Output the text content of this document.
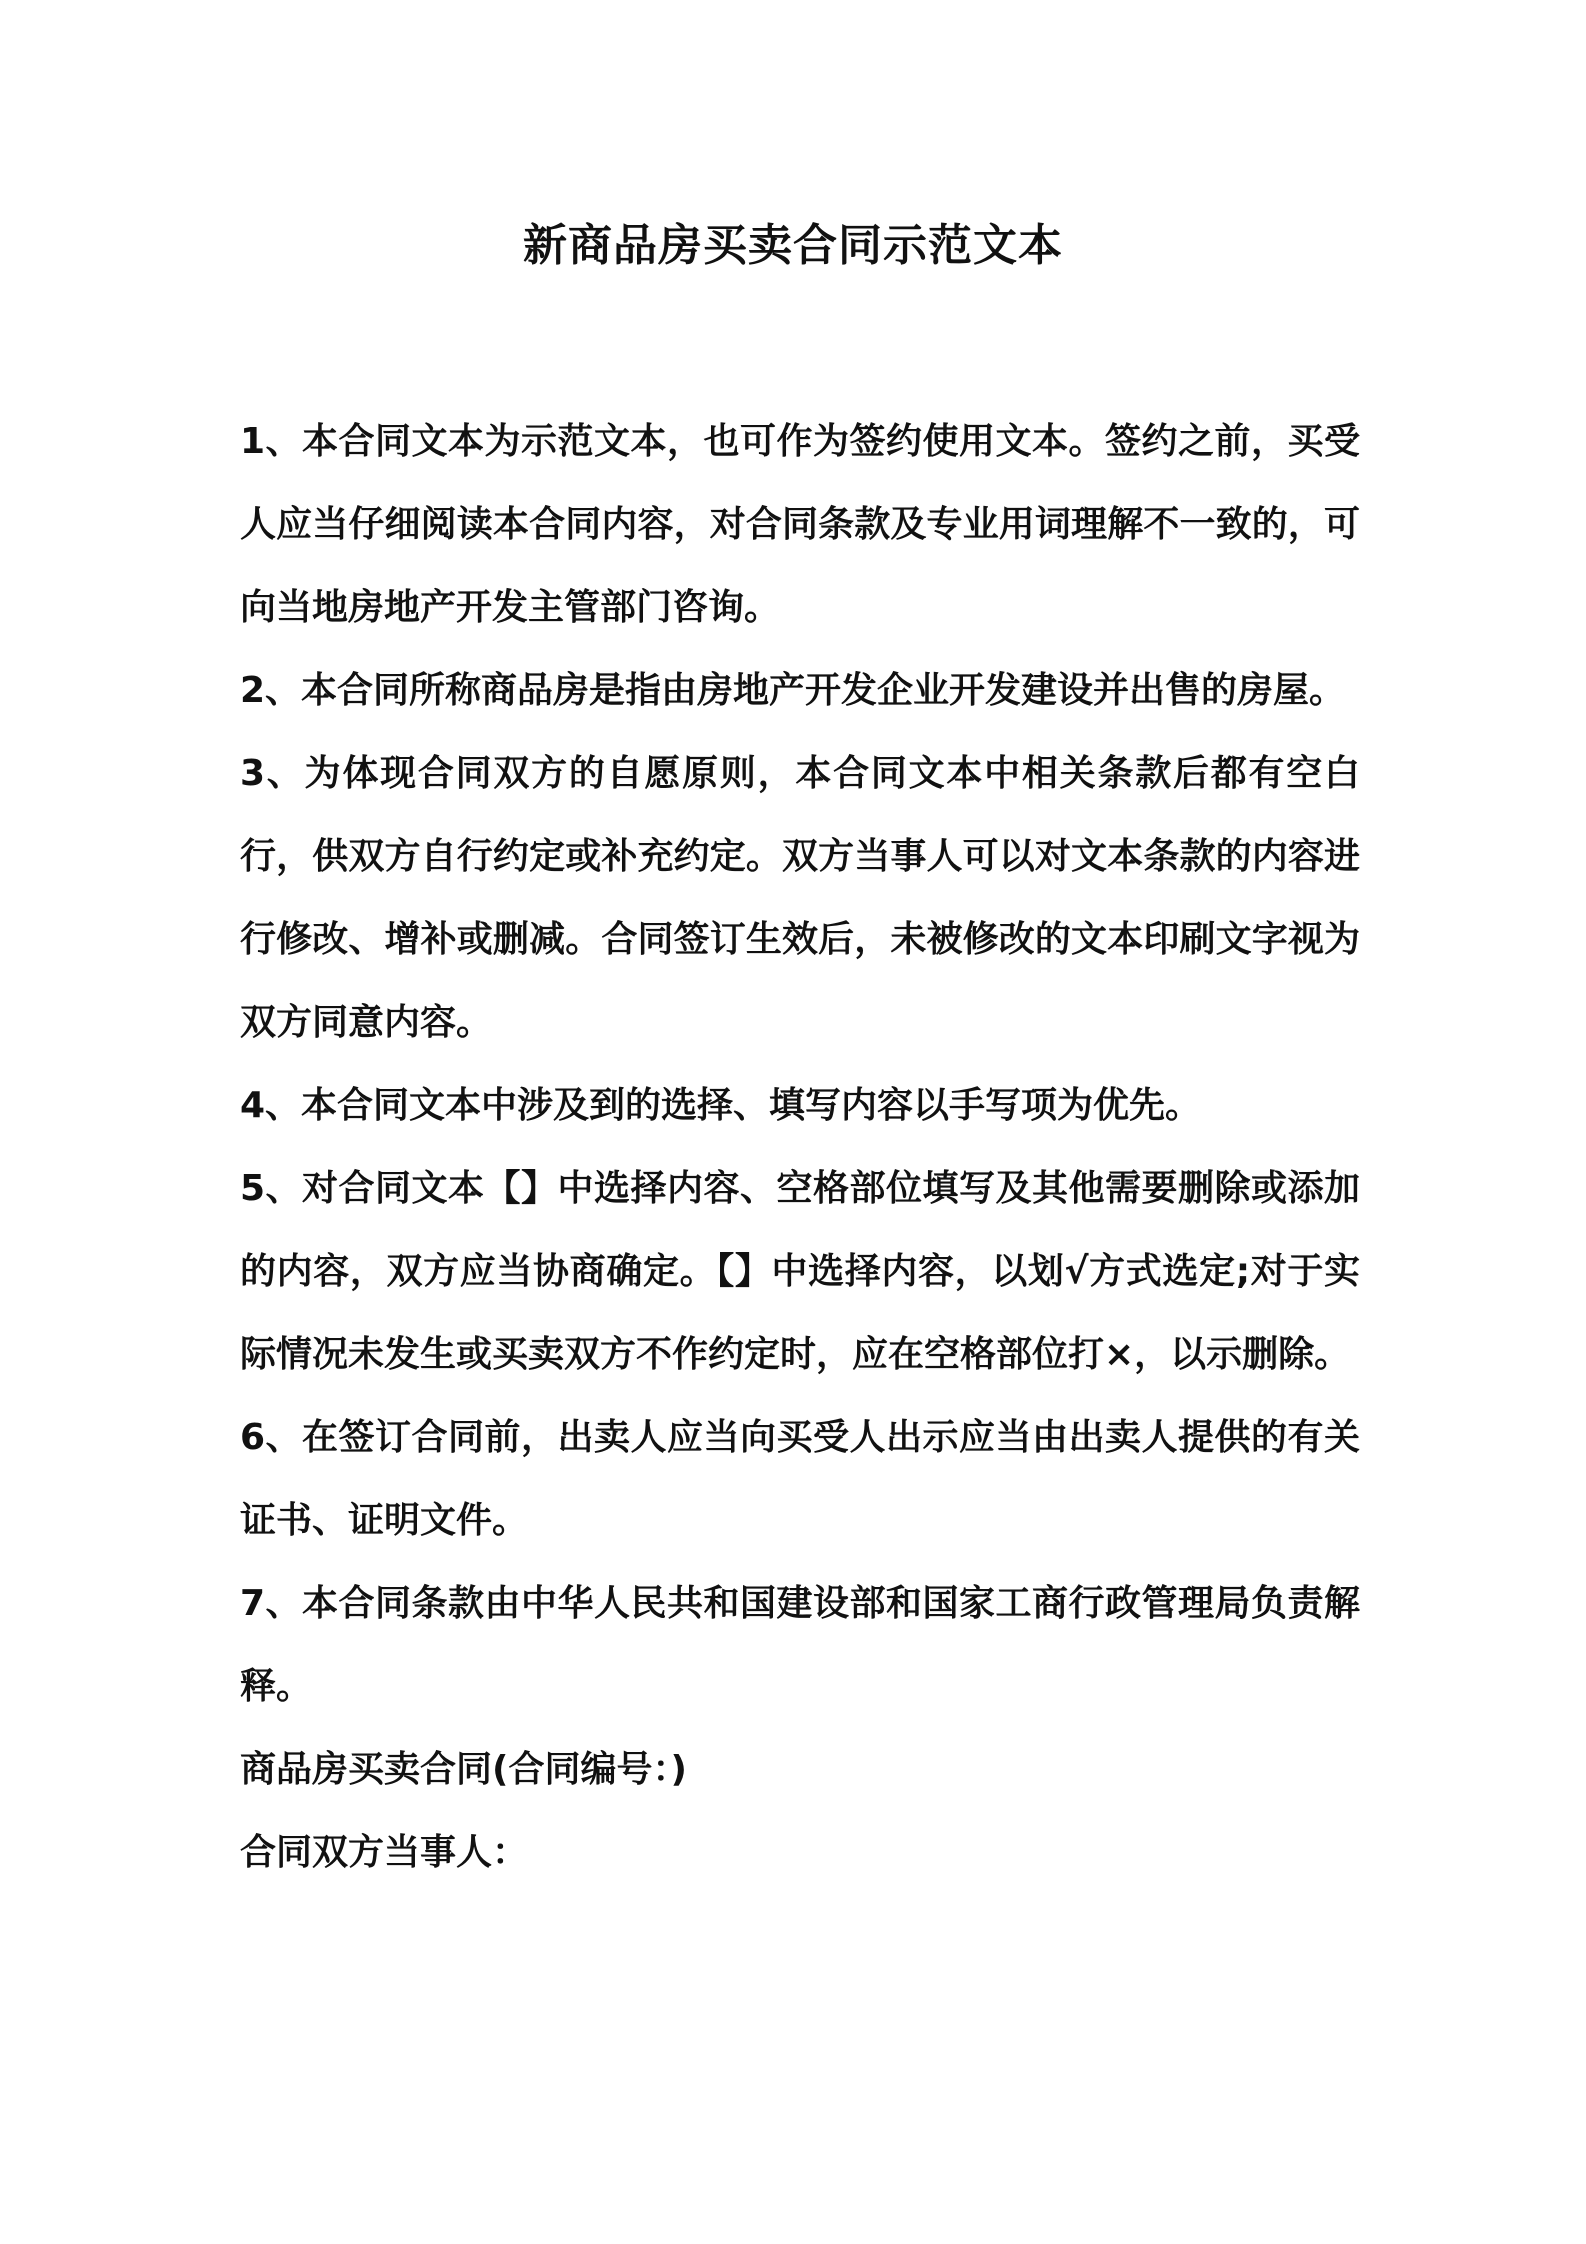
新商品房买卖合同示范文本

1、本合同文本为示范文本，也可作为签约使用文本。签约之前，买受人应当仔细阅读本合同内容，对合同条款及专业用词理解不一致的，可向当地房地产开发主管部门咨询。

2、本合同所称商品房是指由房地产开发企业开发建设并出售的房屋。

3、为体现合同双方的自愿原则，本合同文本中相关条款后都有空白行，供双方自行约定或补充约定。双方当事人可以对文本条款的内容进行修改、增补或删减。合同签订生效后，未被修改的文本印刷文字视为双方同意内容。

4、本合同文本中涉及到的选择、填写内容以手写项为优先。

5、对合同文本【】中选择内容、空格部位填写及其他需要删除或添加的内容，双方应当协商确定。【】中选择内容，以划√方式选定;对于实际情况未发生或买卖双方不作约定时，应在空格部位打×，以示删除。

6、在签订合同前，出卖人应当向买受人出示应当由出卖人提供的有关证书、证明文件。

7、本合同条款由中华人民共和国建设部和国家工商行政管理局负责解释。

商品房买卖合同(合同编号：)

合同双方当事人：
